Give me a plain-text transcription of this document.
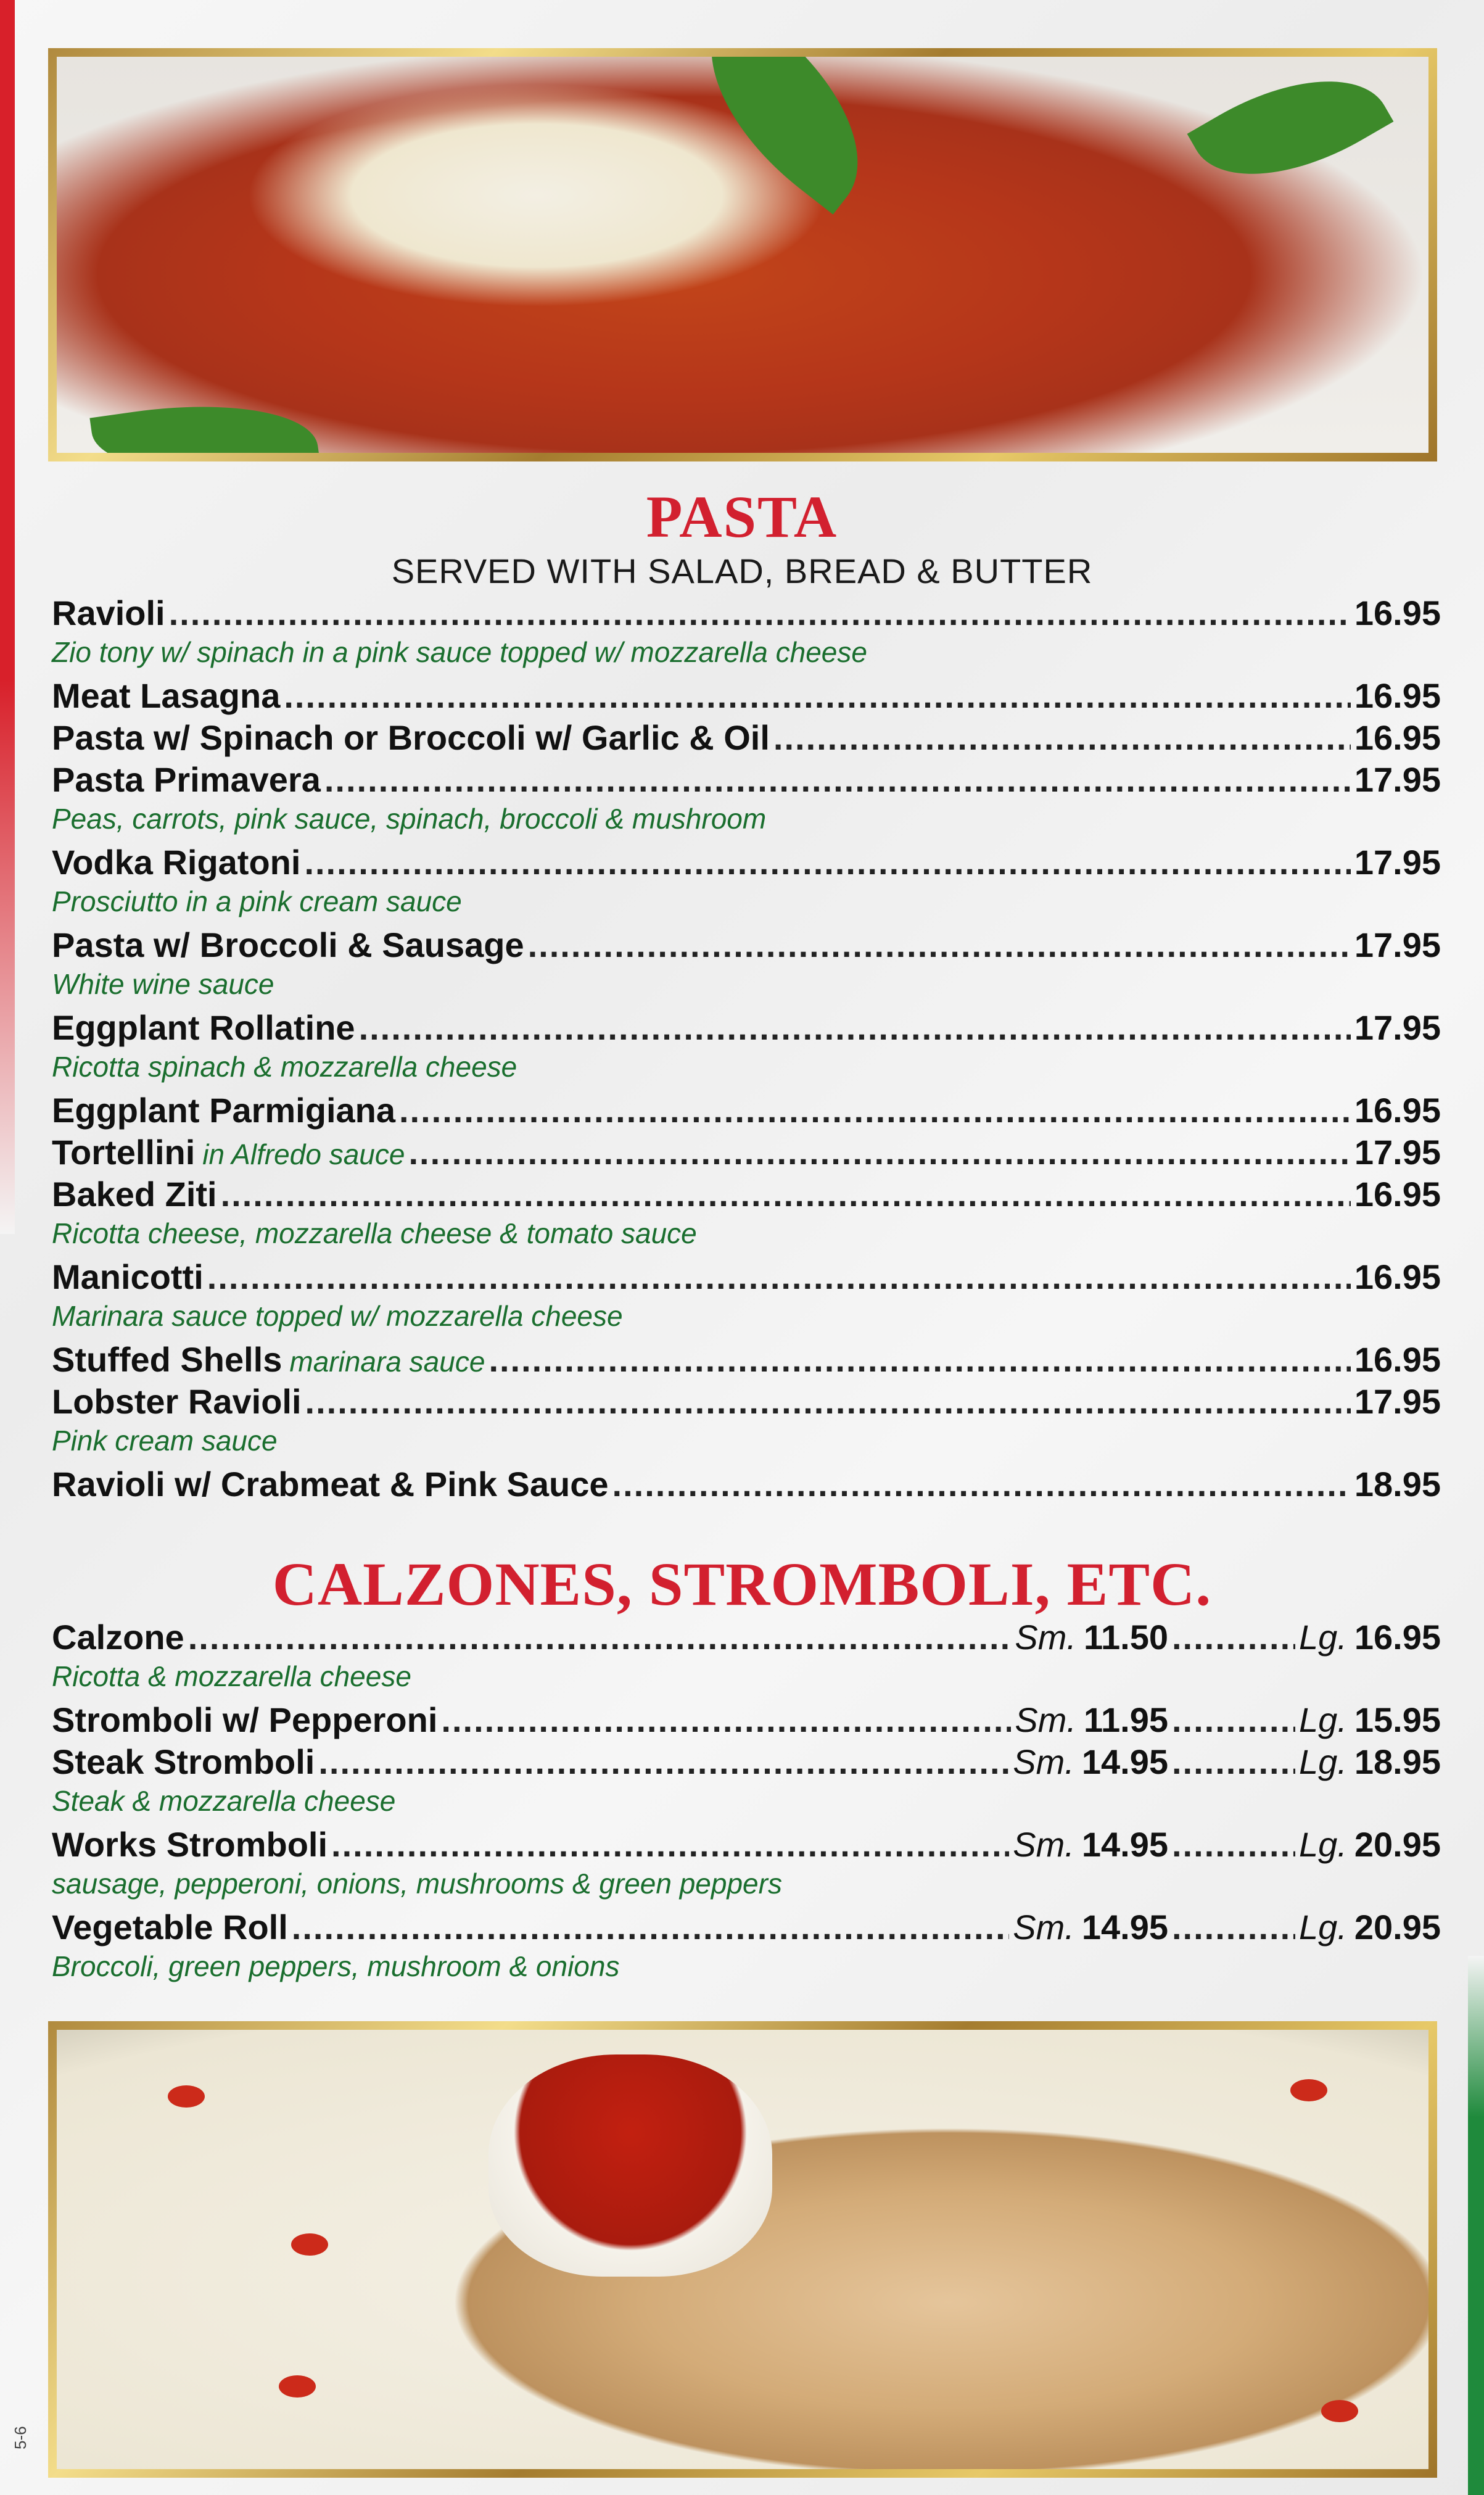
PASTA

SERVED WITH SALAD, BREAD & BUTTER

Ravioli .....	16.95
Zio tony w/ spinach in a pink sauce topped w/ mozzarella cheese
Meat Lasagna .....	16.95
Pasta w/ Spinach or Broccoli w/ Garlic & Oil .....	16.95
Pasta Primavera .....	17.95
Peas, carrots, pink sauce, spinach, broccoli & mushroom
Vodka Rigatoni .....	17.95
Prosciutto in a pink cream sauce
Pasta w/ Broccoli & Sausage .....	17.95
White wine sauce
Eggplant Rollatine .....	17.95
Ricotta spinach & mozzarella cheese
Eggplant Parmigiana .....	16.95
Tortellini in Alfredo sauce .....	17.95
Baked Ziti .....	16.95
Ricotta cheese, mozzarella cheese & tomato sauce
Manicotti .....	16.95
Marinara sauce topped w/ mozzarella cheese
Stuffed Shells marinara sauce .....	16.95
Lobster Ravioli .....	17.95
Pink cream sauce
Ravioli w/ Crabmeat & Pink Sauce .....	18.95
CALZONES, STROMBOLI, ETC.
Calzone .....	Sm. 11.50 .....	Lg. 16.95
Ricotta & mozzarella cheese
Stromboli w/ Pepperoni .....	Sm. 11.95 .....	Lg. 15.95
Steak Stromboli .....	Sm. 14.95 .....	Lg. 18.95
Steak & mozzarella cheese
Works Stromboli .....	Sm. 14.95 .....	Lg. 20.95
sausage, pepperoni, onions, mushrooms & green peppers
Vegetable Roll .....	Sm. 14.95 .....	Lg. 20.95
Broccoli, green peppers, mushroom & onions
5-6
